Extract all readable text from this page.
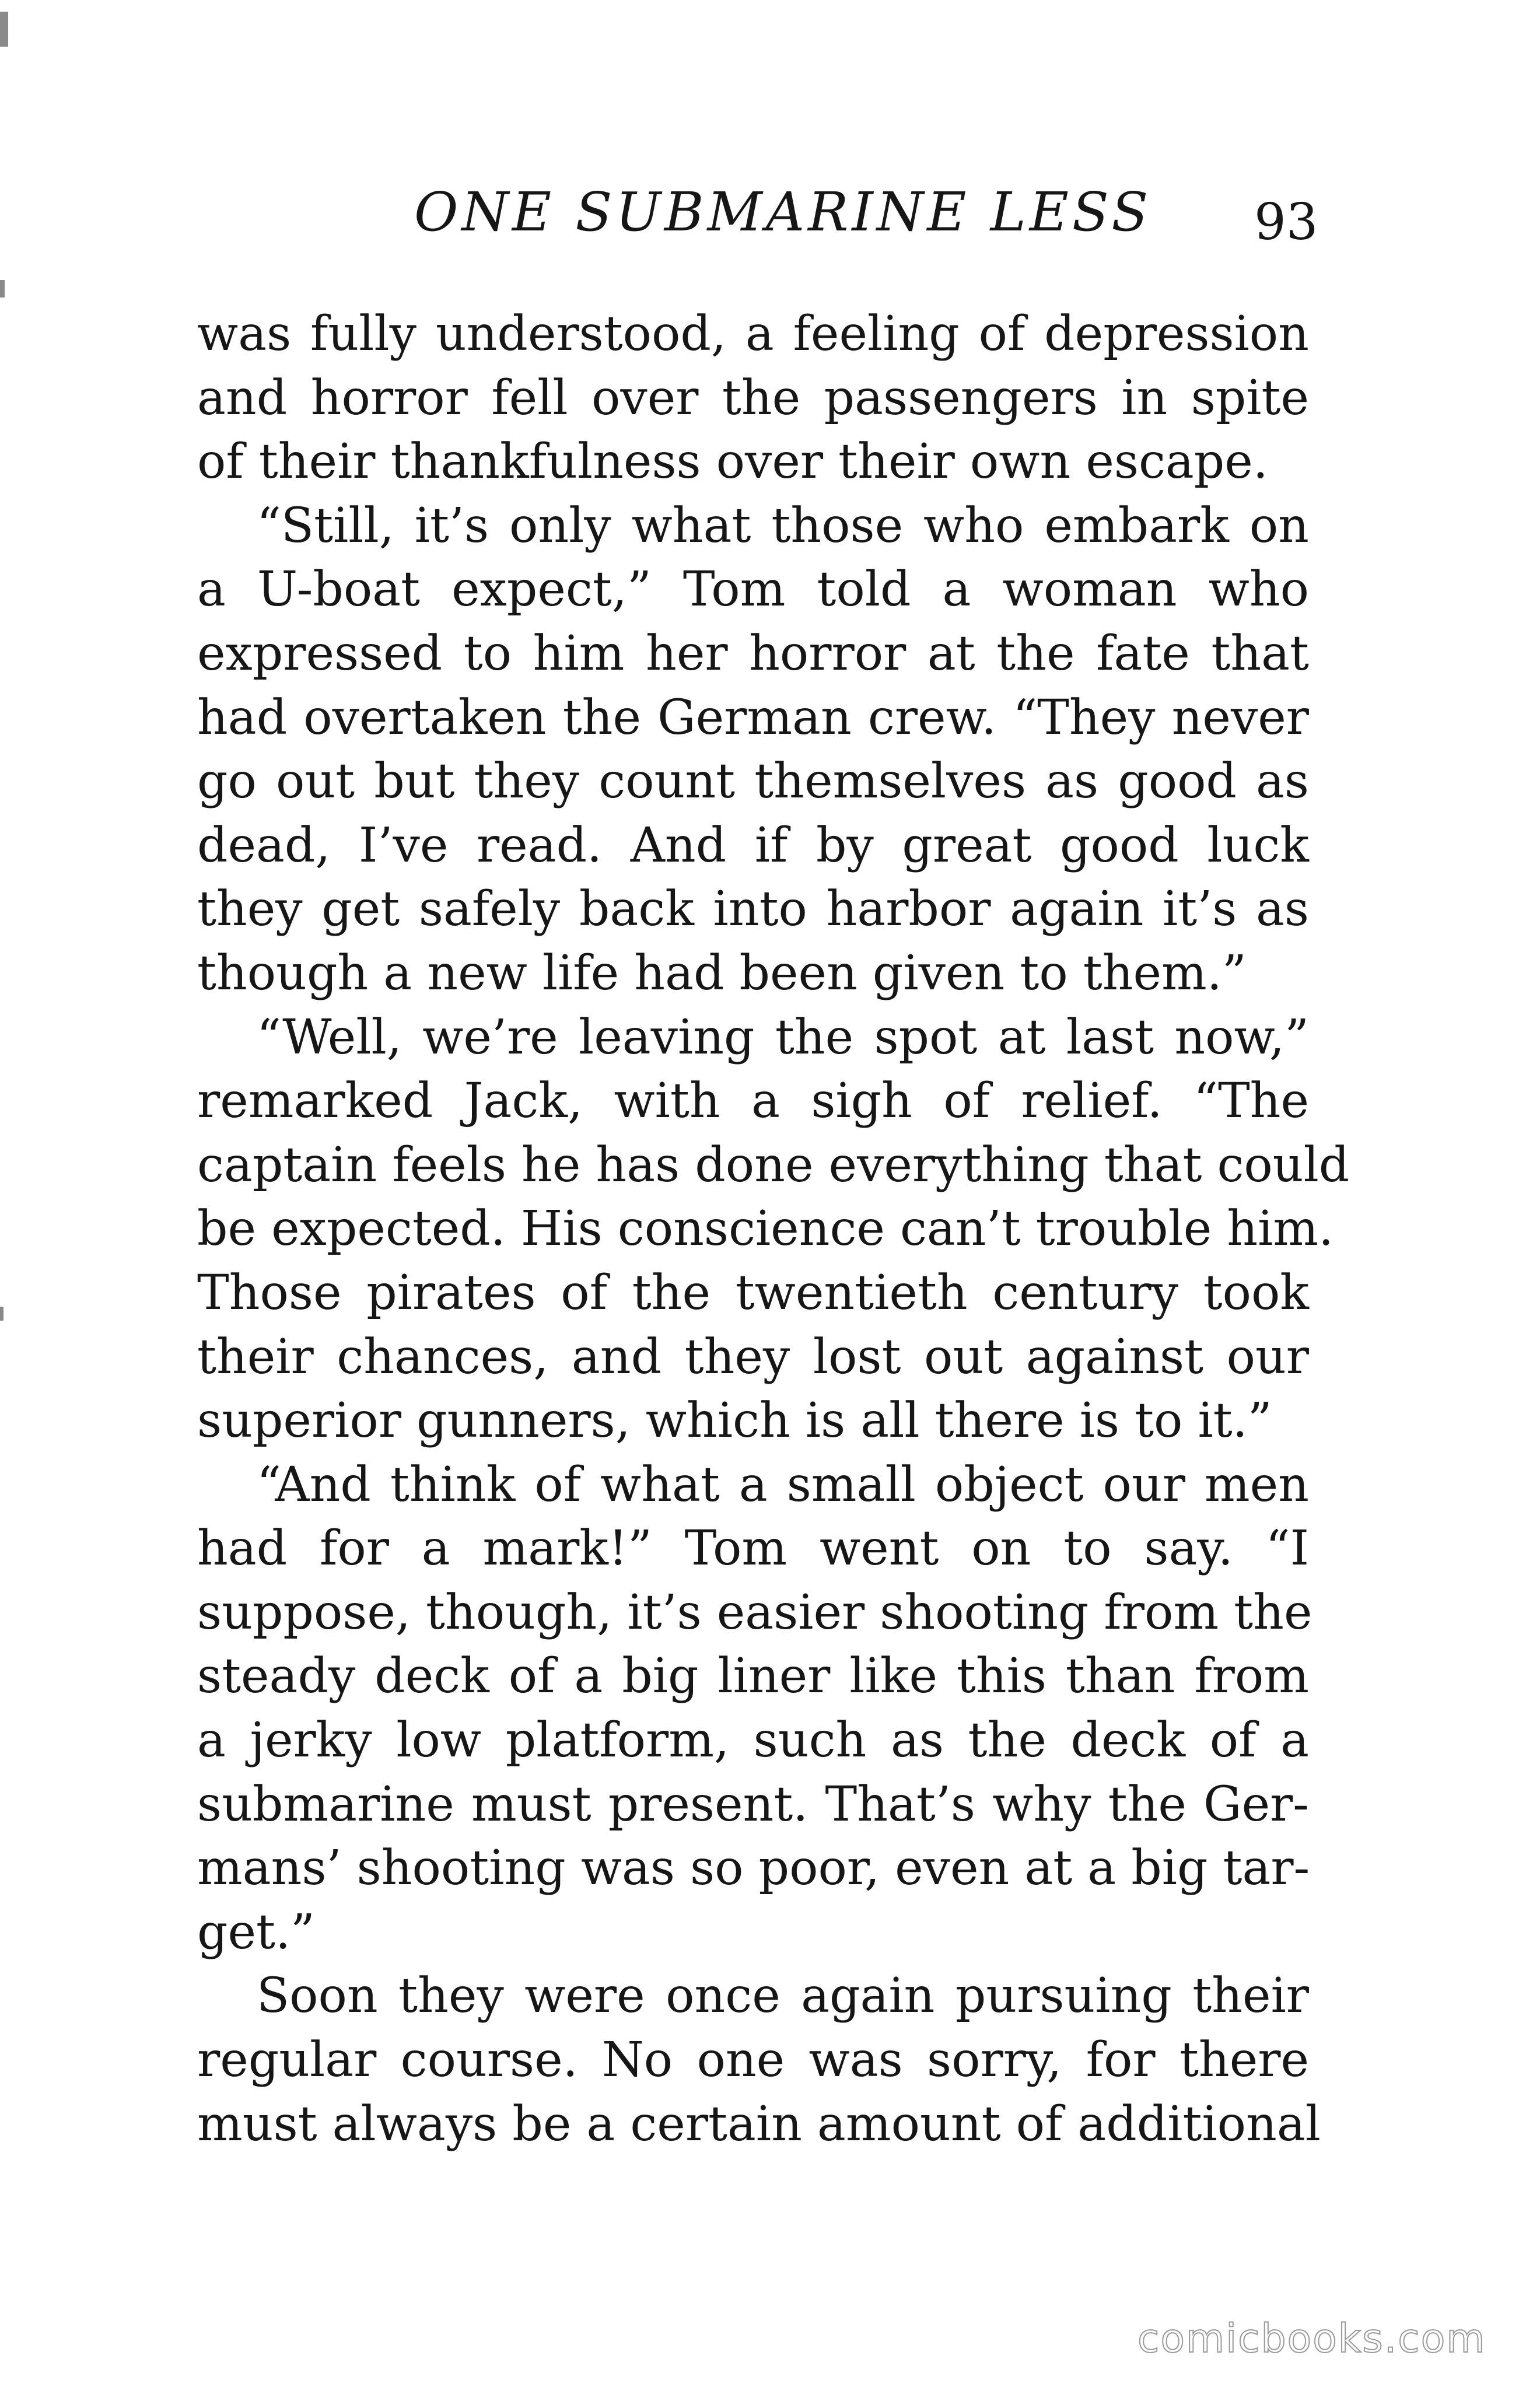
ONE SUBMARINE LESS 93
was fully understood, a feeling of depression
and horror fell over the passengers in spite
of their thankfulness over their own escape.
“Still, it’s only what those who embark on
a U-boat expect,” Tom told a woman who
expressed to him her horror at the fate that
had overtaken the German crew. “They never
go out but they count themselves as good as
dead, I’ve read. And if by great good luck
they get safely back into harbor again it’s as
though a new life had been given to them.”
“Well, we’re leaving the spot at last now,”
remarked Jack, with a sigh of relief. “The
captain feels he has done everything that could
be expected. His conscience can’t trouble him.
Those pirates of the twentieth century took
their chances, and they lost out against our
superior gunners, which is all there is to it.”
“And think of what a small object our men
had for a mark!” Tom went on to say. “I
suppose, though, it’s easier shooting from the
steady deck of a big liner like this than from
a jerky low platform, such as the deck of a
submarine must present. That’s why the Ger-
mans’ shooting was so poor, even at a big tar-
get.”
Soon they were once again pursuing their
regular course. No one was sorry, for there
must always be a certain amount of additional
comicbooks.com
